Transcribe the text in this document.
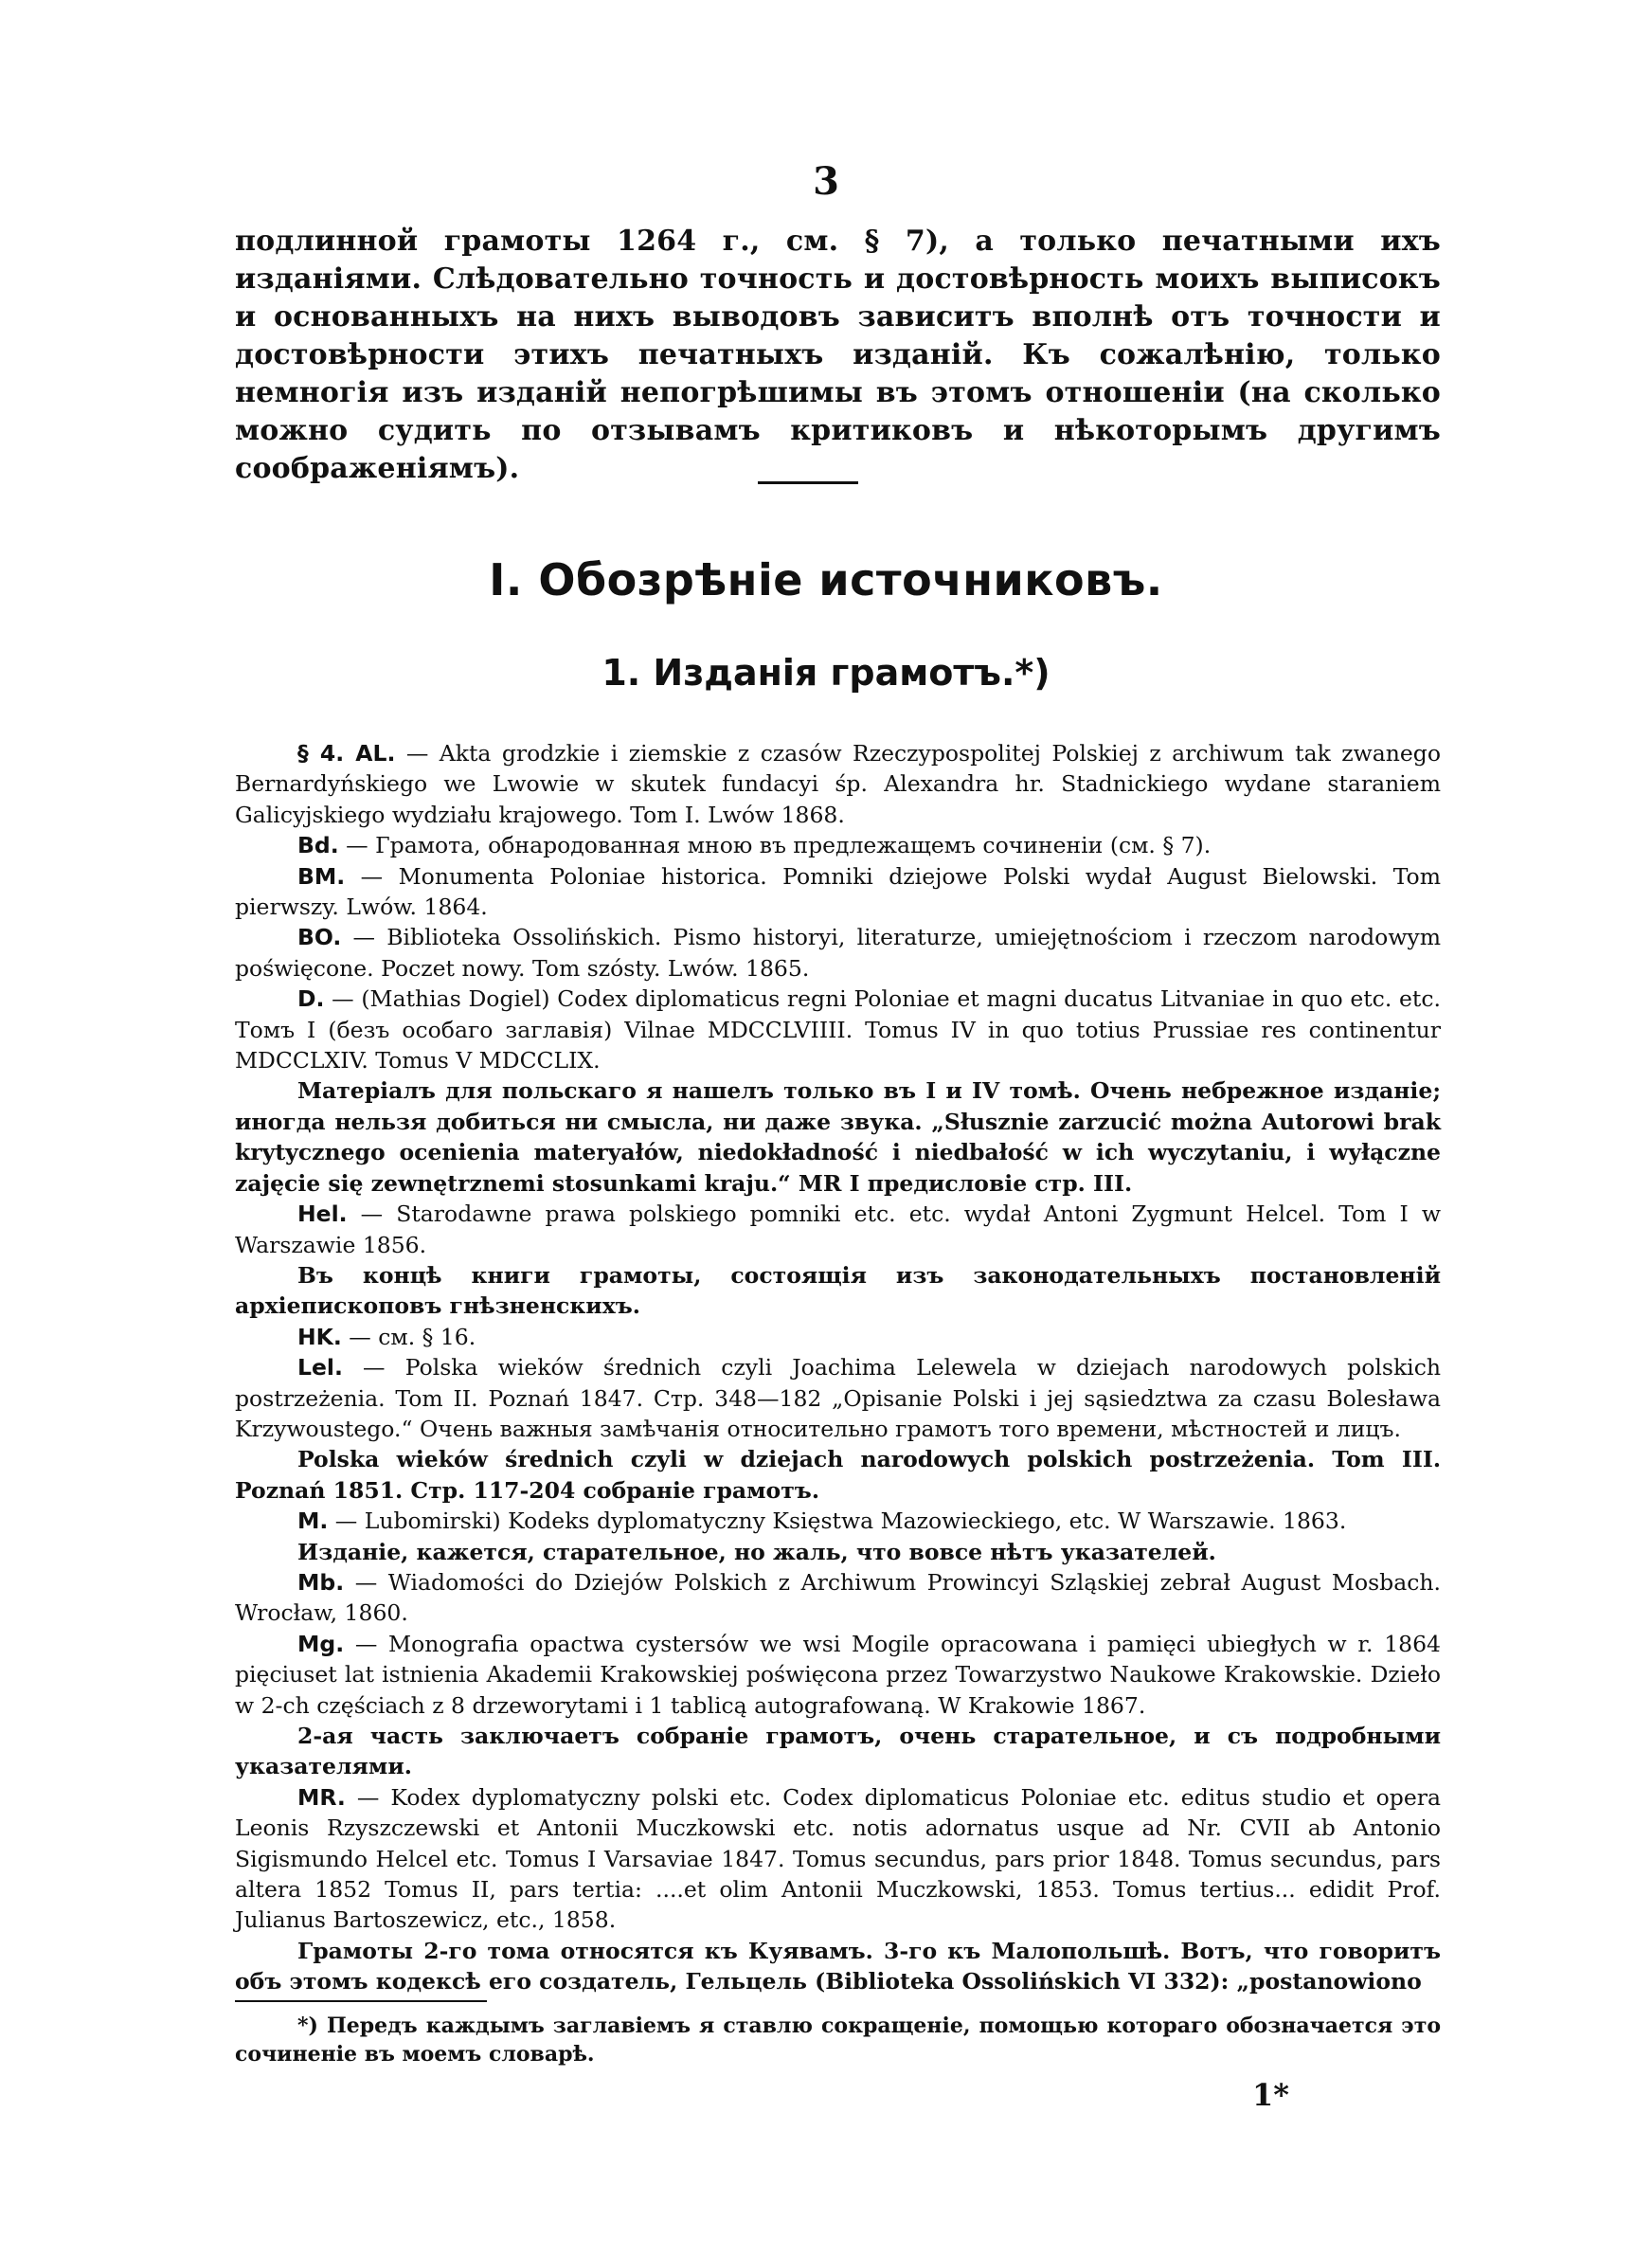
3
подлинной грамоты 1264 г., см. § 7), а только печатными ихъ изданіями. Слѣдовательно точность и достовѣрность моихъ выписокъ и основанныхъ на нихъ выводовъ зависитъ вполнѣ отъ точности и достовѣрности этихъ печатныхъ изданій. Къ сожалѣнію, только немногія изъ изданій непогрѣшимы въ этомъ отношеніи (на сколько можно судить по отзывамъ критиковъ и нѣкоторымъ другимъ соображеніямъ).
I. Обозрѣніе источниковъ.
1. Изданія грамотъ.*)

§ 4. AL. — Akta grodzkie i ziemskie z czasów Rzeczypospolitej Polskiej z archiwum tak zwanego Bernardyńskiego we Lwowie w skutek fundacyi śp. Alexandra hr. Stadnickiego wydane staraniem Galicyjskiego wydziału krajowego. Tom I. Lwów 1868.

Bd. — Грамота, обнародованная мною въ предлежащемъ сочиненіи (см. § 7).

BM. — Monumenta Poloniae historica. Pomniki dziejowe Polski wydał August Bielowski. Tom pierwszy. Lwów. 1864.

BO. — Biblioteka Ossolińskich. Pismo historyi, literaturze, umiejętnościom i rzeczom narodowym poświęcone. Poczet nowy. Tom szósty. Lwów. 1865.

D. — (Mathias Dogiel) Codex diplomaticus regni Poloniae et magni ducatus Litvaniae in quo etc. etc. Томъ I (безъ особаго заглавія) Vilnae MDCCLVIIII. Tomus IV in quo totius Prussiae res continentur MDCCLXIV. Tomus V MDCCLIX.

Матеріалъ для польскаго я нашелъ только въ I и IV томѣ. Очень небрежное изданіе; иногда нельзя добиться ни смысла, ни даже звука. „Słusznie zarzucić można Autorowi brak krytycznego ocenienia materyałów, niedokładność i niedbałość w ich wyczytaniu, i wyłączne zajęcie się zewnętrznemi stosunkami kraju.“ MR I предисловіе стр. III.

Hel. — Starodawne prawa polskiego pomniki etc. etc. wydał Antoni Zygmunt Helcel. Tom I w Warszawie 1856.

Въ концѣ книги грамоты, состоящія изъ законодательныхъ постановленій архіепископовъ гнѣзненскихъ.

HK. — см. § 16.

Lel. — Polska wieków średnich czyli Joachima Lelewela w dziejach narodowych polskich postrzeżenia. Tom II. Poznań 1847. Стр. 348—182 „Opisanie Polski i jej sąsiedztwa za czasu Bolesława Krzywoustego.“ Очень важныя замѣчанія относительно грамотъ того времени, мѣстностей и лицъ.

Polska wieków średnich czyli w dziejach narodowych polskich postrzeżenia. Tom III. Poznań 1851. Стр. 117-204 собраніе грамотъ.

M. — Lubomirski) Kodeks dyplomatyczny Księstwa Mazowieckiego, etc. W Warszawie. 1863.

Изданіе, кажется, старательное, но жаль, что вовсе нѣтъ указателей.

Mb. — Wiadomości do Dziejów Polskich z Archiwum Prowincyi Szląskiej zebrał August Mosbach. Wrocław, 1860.

Mg. — Monografia opactwa cystersów we wsi Mogile opracowana i pamięci ubiegłych w r. 1864 pięciuset lat istnienia Akademii Krakowskiej poświęcona przez Towarzystwo Naukowe Krakowskie. Dzieło w 2-ch częściach z 8 drzeworytami i 1 tablicą autografowaną. W Krakowie 1867.

2-ая часть заключаетъ собраніе грамотъ, очень старательное, и съ подробными указателями.

MR. — Kodex dyplomatyczny polski etc. Codex diplomaticus Poloniae etc. editus studio et opera Leonis Rzyszczewski et Antonii Muczkowski etc. notis adornatus usque ad Nr. CVII ab Antonio Sigismundo Helcel etc. Tomus I Varsaviae 1847. Tomus secundus, pars prior 1848. Tomus secundus, pars altera 1852 Tomus II, pars tertia: ....et olim Antonii Muczkowski, 1853. Tomus tertius... edidit Prof. Julianus Bartoszewicz, etc., 1858.

Грамоты 2-го тома относятся къ Куявамъ. 3-го къ Малопольшѣ. Вотъ, что говоритъ объ этомъ кодексѣ его создатель, Гельцель (Biblioteka Ossolińskich VI 332): „postanowiono

*) Передъ каждымъ заглавіемъ я ставлю сокращеніе, помощью котораго обозначается это сочиненіе въ моемъ словарѣ.

1*
